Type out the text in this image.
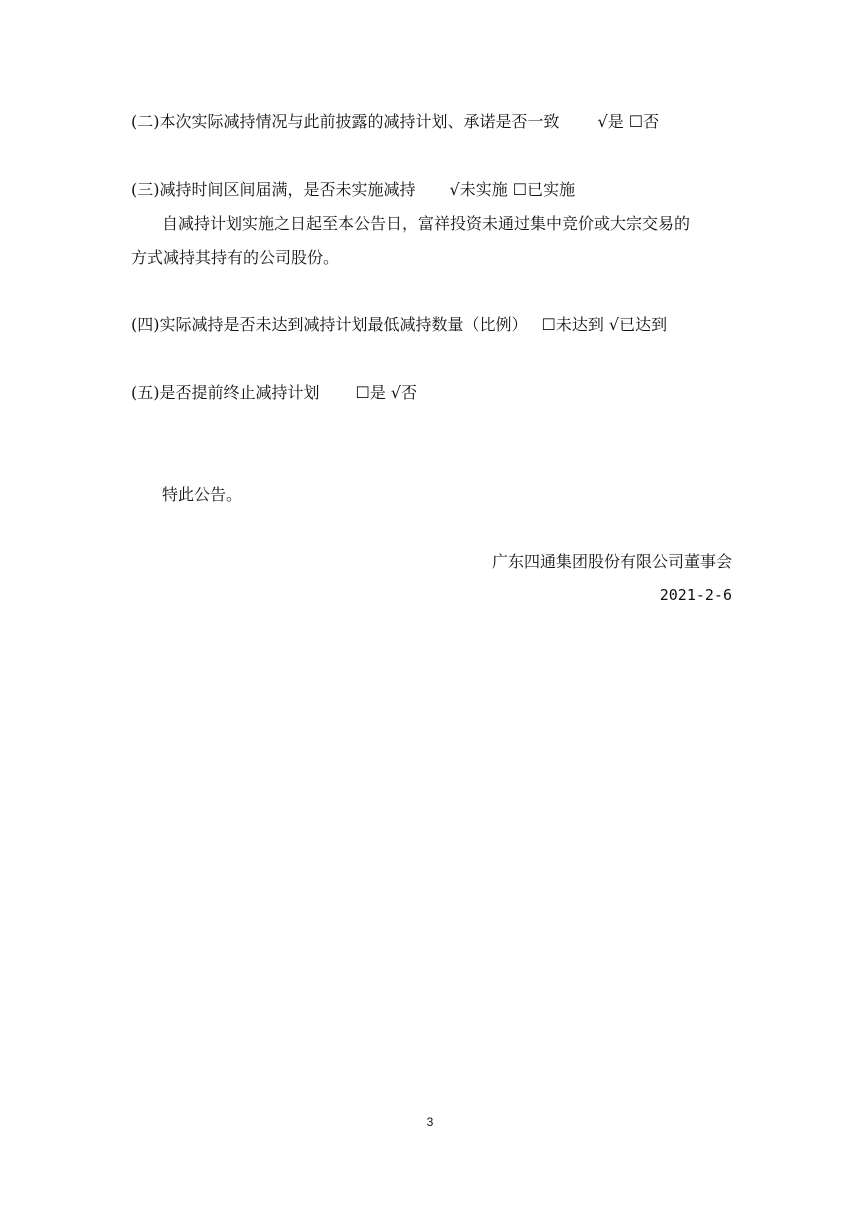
(二)本次实际减持情况与此前披露的减持计划、承诺是否一致 √是 ☐否
(三)减持时间区间届满，是否未实施减持 √未实施 ☐已实施
自减持计划实施之日起至本公告日，富祥投资未通过集中竞价或大宗交易的
方式减持其持有的公司股份。
(四)实际减持是否未达到减持计划最低减持数量（比例） ☐未达到 √已达到
(五)是否提前终止减持计划 ☐是 √否
特此公告。
广东四通集团股份有限公司董事会
2021-2-6
3
